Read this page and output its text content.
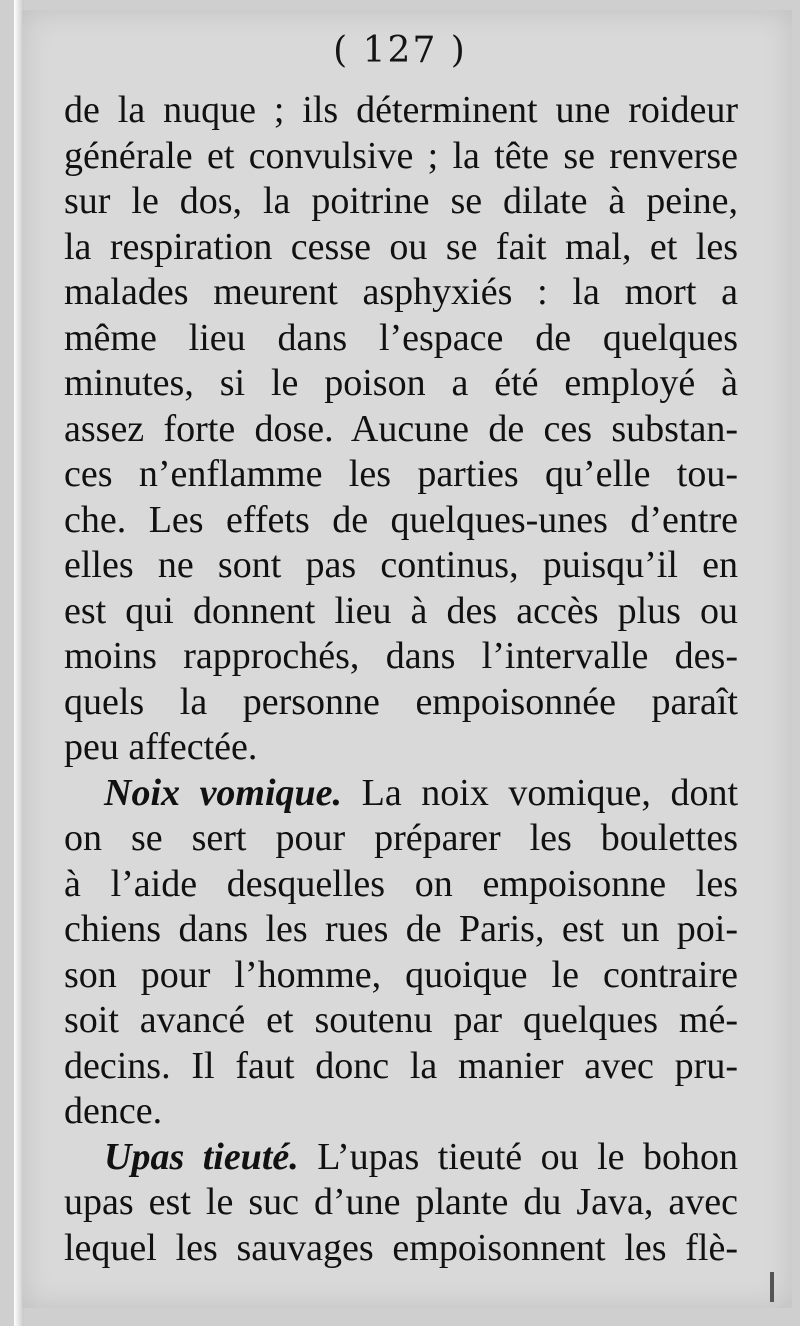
( 127 )
de la nuque ; ils déterminent une roideur
générale et convulsive ; la tête se renverse
sur le dos, la poitrine se dilate à peine,
la respiration cesse ou se fait mal, et les
malades meurent asphyxiés : la mort a
même lieu dans l’espace de quelques
minutes, si le poison a été employé à
assez forte dose. Aucune de ces substan-
ces n’enflamme les parties qu’elle tou-
che. Les effets de quelques-unes d’entre
elles ne sont pas continus, puisqu’il en
est qui donnent lieu à des accès plus ou
moins rapprochés, dans l’intervalle des-
quels la personne empoisonnée paraît
peu affectée.
Noix vomique. La noix vomique, dont
on se sert pour préparer les boulettes
à l’aide desquelles on empoisonne les
chiens dans les rues de Paris, est un poi-
son pour l’homme, quoique le contraire
soit avancé et soutenu par quelques mé-
decins. Il faut donc la manier avec pru-
dence.
Upas tieuté. L’upas tieuté ou le bohon
upas est le suc d’une plante du Java, avec
lequel les sauvages empoisonnent les flè-
